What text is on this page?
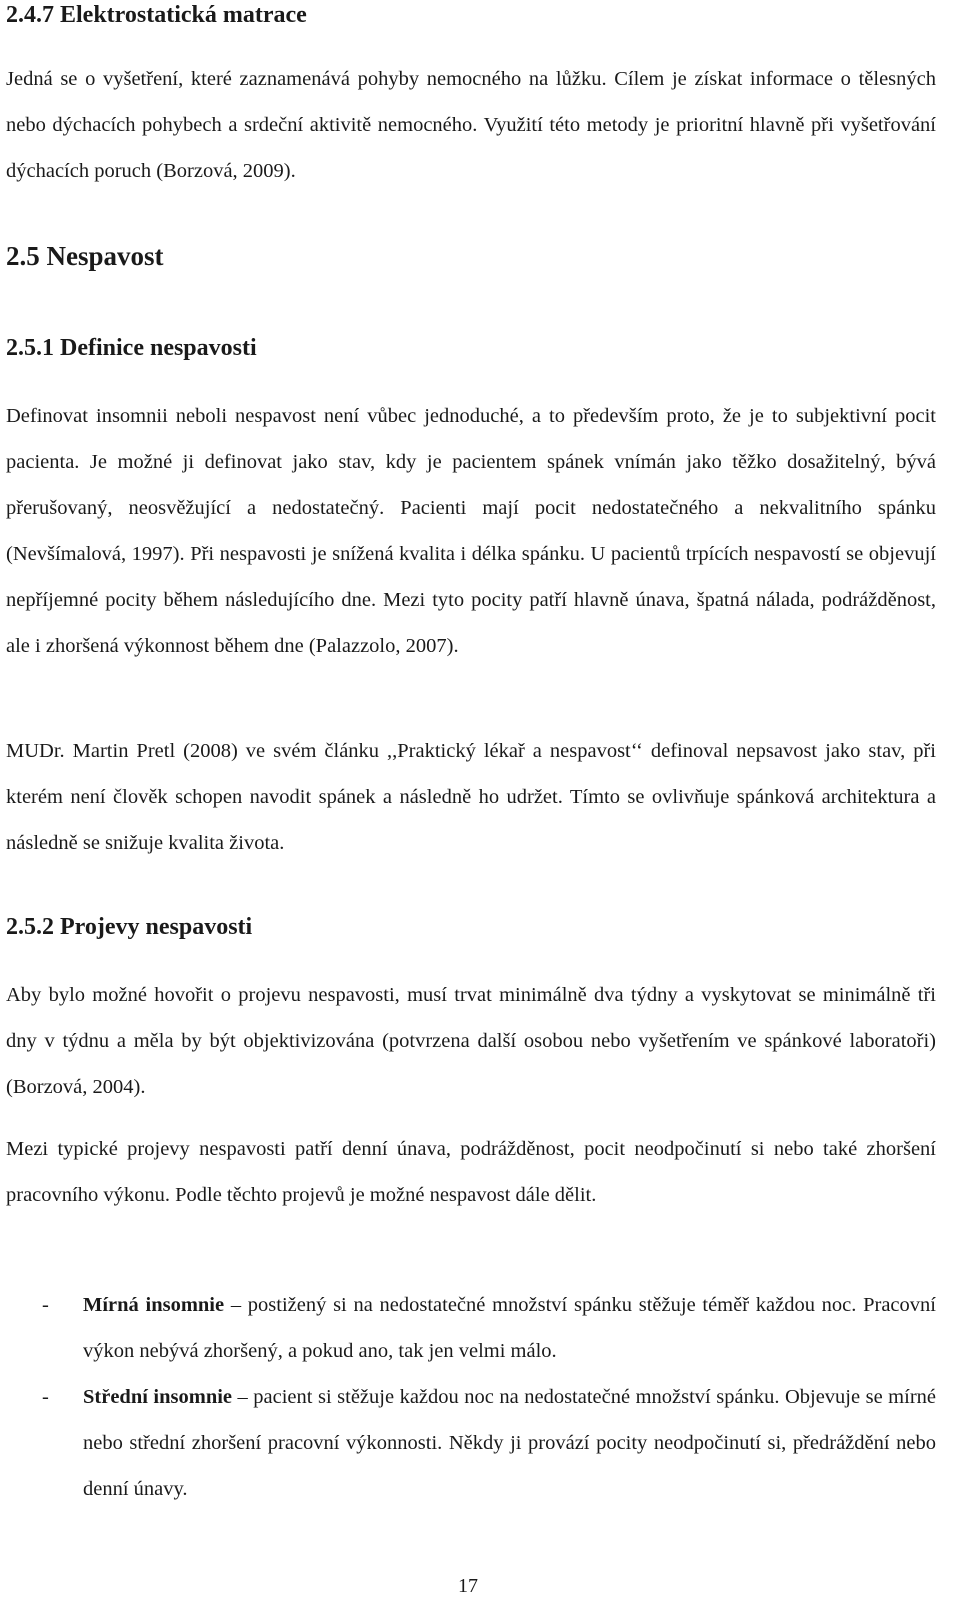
2.4.7 Elektrostatická matrace

Jedná se o vyšetření, které zaznamenává pohyby nemocného na lůžku. Cílem je získat informace o tělesných nebo dýchacích pohybech a srdeční aktivitě nemocného. Využití této metody je prioritní hlavně při vyšetřování dýchacích poruch (Borzová, 2009).

2.5 Nespavost
2.5.1 Definice nespavosti

Definovat insomnii neboli nespavost není vůbec jednoduché, a to především proto, že je to subjektivní pocit pacienta. Je možné ji definovat jako stav, kdy je pacientem spánek vnímán jako těžko dosažitelný, bývá přerušovaný, neosvěžující a nedostatečný. Pacienti mají pocit nedostatečného a nekvalitního spánku (Nevšímalová, 1997). Při nespavosti je snížená kvalita i délka spánku. U pacientů trpících nespavostí se objevují nepříjemné pocity během následujícího dne. Mezi tyto pocity patří hlavně únava, špatná nálada, podrážděnost, ale i zhoršená výkonnost během dne (Palazzolo, 2007).

MUDr. Martin Pretl (2008) ve svém článku ,,Praktický lékař a nespavost‘‘ definoval nepsavost jako stav, při kterém není člověk schopen navodit spánek a následně ho udržet. Tímto se ovlivňuje spánková architektura a následně se snižuje kvalita života.

2.5.2 Projevy nespavosti

Aby bylo možné hovořit o projevu nespavosti, musí trvat minimálně dva týdny a vyskytovat se minimálně tři dny v týdnu a měla by být objektivizována (potvrzena další osobou nebo vyšetřením ve spánkové laboratoři) (Borzová, 2004).

Mezi typické projevy nespavosti patří denní únava, podrážděnost, pocit neodpočinutí si nebo také zhoršení pracovního výkonu. Podle těchto projevů je možné nespavost dále dělit.

- Mírná insomnie – postižený si na nedostatečné množství spánku stěžuje téměř každou noc. Pracovní výkon nebývá zhoršený, a pokud ano, tak jen velmi málo.
- Střední insomnie – pacient si stěžuje každou noc na nedostatečné množství spánku. Objevuje se mírné nebo střední zhoršení pracovní výkonnosti. Někdy ji provází pocity neodpočinutí si, předráždění nebo denní únavy.
17
